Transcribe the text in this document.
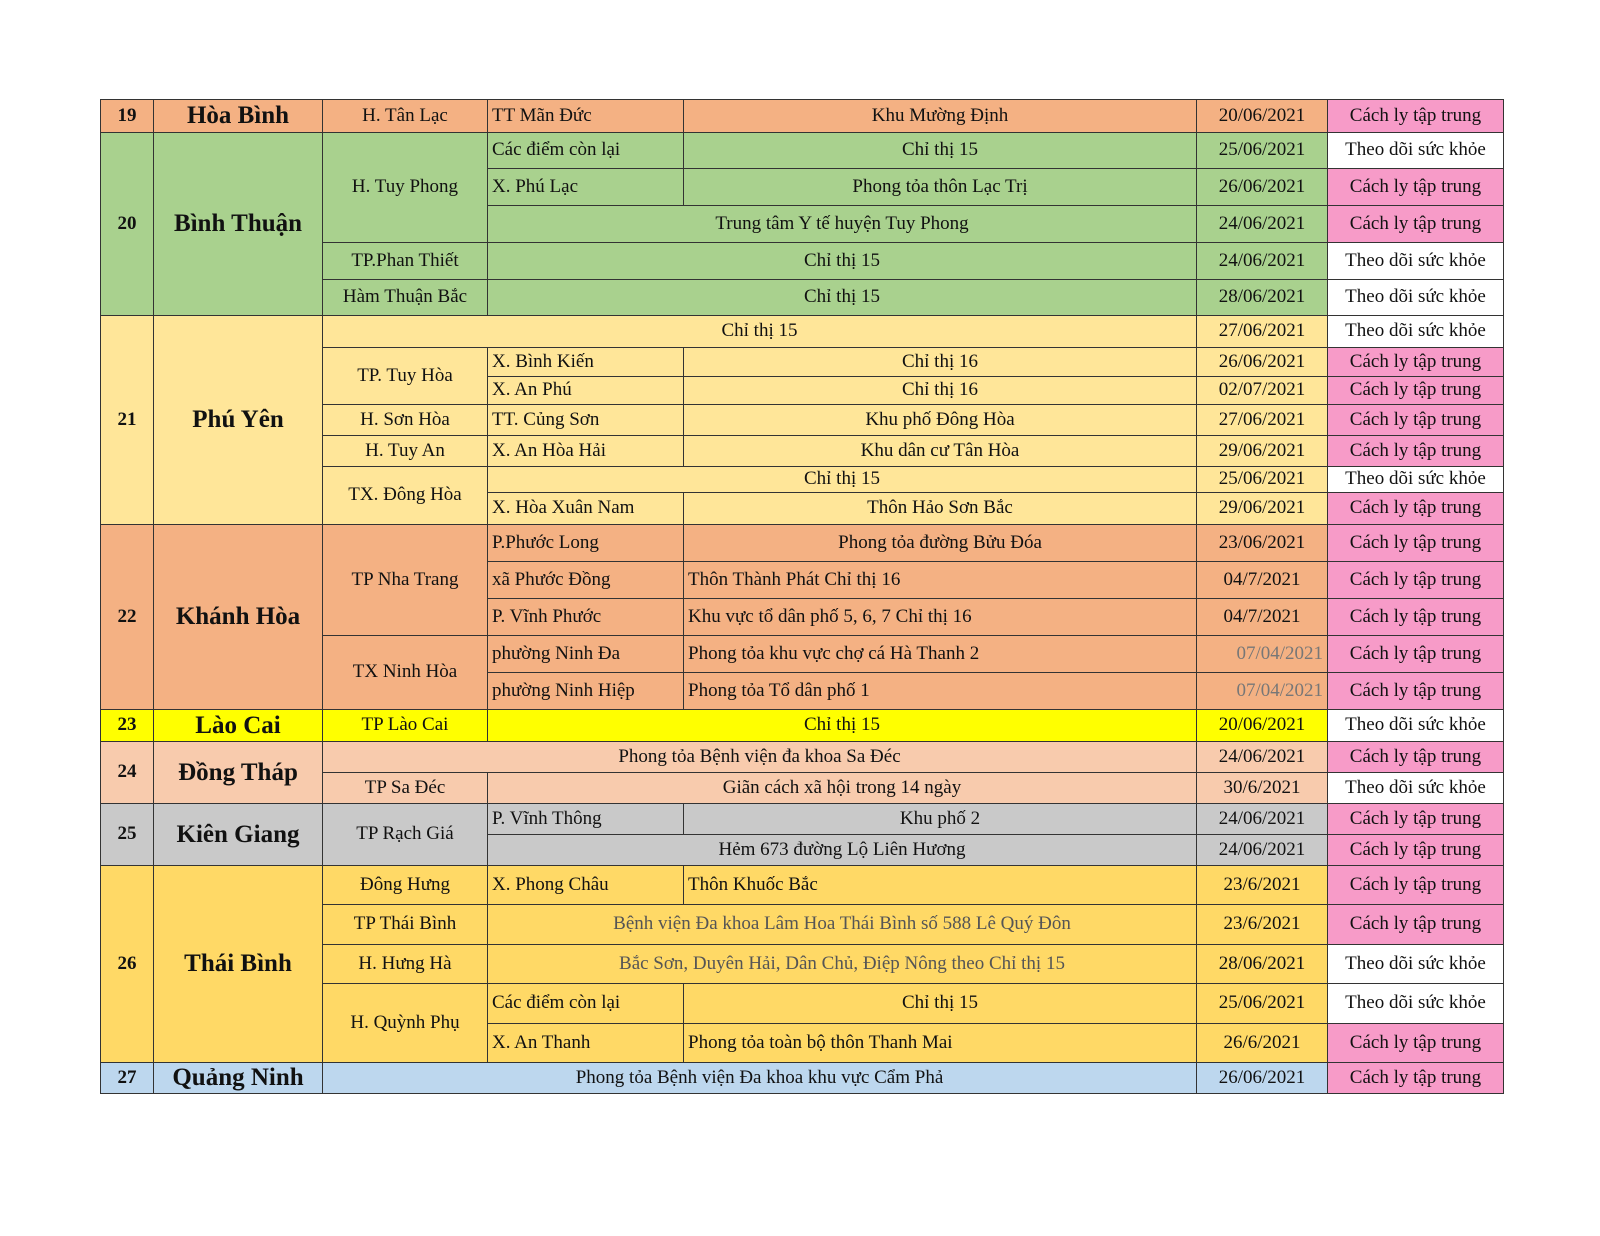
19	Hòa Bình	H. Tân Lạc	TT Mãn Đức	Khu Mường Định	20/06/2021	Cách ly tập trung
20	Bình Thuận	H. Tuy Phong	Các điểm còn lại	Chỉ thị 15	25/06/2021	Theo dõi sức khỏe
			X. Phú Lạc	Phong tỏa thôn Lạc Trị	26/06/2021	Cách ly tập trung
			Trung tâm Y tế huyện Tuy Phong		24/06/2021	Cách ly tập trung
		TP.Phan Thiết	Chỉ thị 15		24/06/2021	Theo dõi sức khỏe
		Hàm Thuận Bắc	Chỉ thị 15		28/06/2021	Theo dõi sức khỏe
21	Phú Yên	Chỉ thị 15			27/06/2021	Theo dõi sức khỏe
		TP. Tuy Hòa	X. Bình Kiến	Chỉ thị 16	26/06/2021	Cách ly tập trung
			X. An Phú	Chỉ thị 16	02/07/2021	Cách ly tập trung
		H. Sơn Hòa	TT. Củng Sơn	Khu phố Đông Hòa	27/06/2021	Cách ly tập trung
		H. Tuy An	X. An Hòa Hải	Khu dân cư Tân Hòa	29/06/2021	Cách ly tập trung
		TX. Đông Hòa	Chỉ thị 15		25/06/2021	Theo dõi sức khỏe
			X. Hòa Xuân Nam	Thôn Hảo Sơn Bắc	29/06/2021	Cách ly tập trung
22	Khánh Hòa	TP Nha Trang	P.Phước Long	Phong tỏa đường Bửu Đóa	23/06/2021	Cách ly tập trung
			xã Phước Đồng	Thôn Thành Phát Chỉ thị 16	04/7/2021	Cách ly tập trung
			P. Vĩnh Phước	Khu vực tổ dân phố 5, 6, 7 Chỉ thị 16	04/7/2021	Cách ly tập trung
		TX Ninh Hòa	phường Ninh Đa	Phong tỏa khu vực chợ cá Hà Thanh 2	07/04/2021	Cách ly tập trung
			phường Ninh Hiệp	Phong tỏa Tổ dân phố 1	07/04/2021	Cách ly tập trung
23	Lào Cai	TP Lào Cai	Chỉ thị 15		20/06/2021	Theo dõi sức khỏe
24	Đồng Tháp	Phong tỏa Bệnh viện đa khoa Sa Đéc			24/06/2021	Cách ly tập trung
		TP Sa Đéc	Giãn cách xã hội trong 14 ngày		30/6/2021	Theo dõi sức khỏe
25	Kiên Giang	TP Rạch Giá	P. Vĩnh Thông	Khu phố 2	24/06/2021	Cách ly tập trung
			Hẻm 673 đường Lộ Liên Hương		24/06/2021	Cách ly tập trung
26	Thái Bình	Đông Hưng	X. Phong Châu	Thôn Khuốc Bắc	23/6/2021	Cách ly tập trung
		TP Thái Bình	Bệnh viện Đa khoa Lâm Hoa Thái Bình số 588 Lê Quý Đôn		23/6/2021	Cách ly tập trung
		H. Hưng Hà	Bắc Sơn, Duyên Hải, Dân Chủ, Điệp Nông theo Chỉ thị 15		28/06/2021	Theo dõi sức khỏe
		H. Quỳnh Phụ	Các điểm còn lại	Chỉ thị 15	25/06/2021	Theo dõi sức khỏe
			X. An Thanh	Phong tỏa toàn bộ thôn Thanh Mai	26/6/2021	Cách ly tập trung
27	Quảng Ninh	Phong tỏa Bệnh viện Đa khoa khu vực Cẩm Phả			26/06/2021	Cách ly tập trung
